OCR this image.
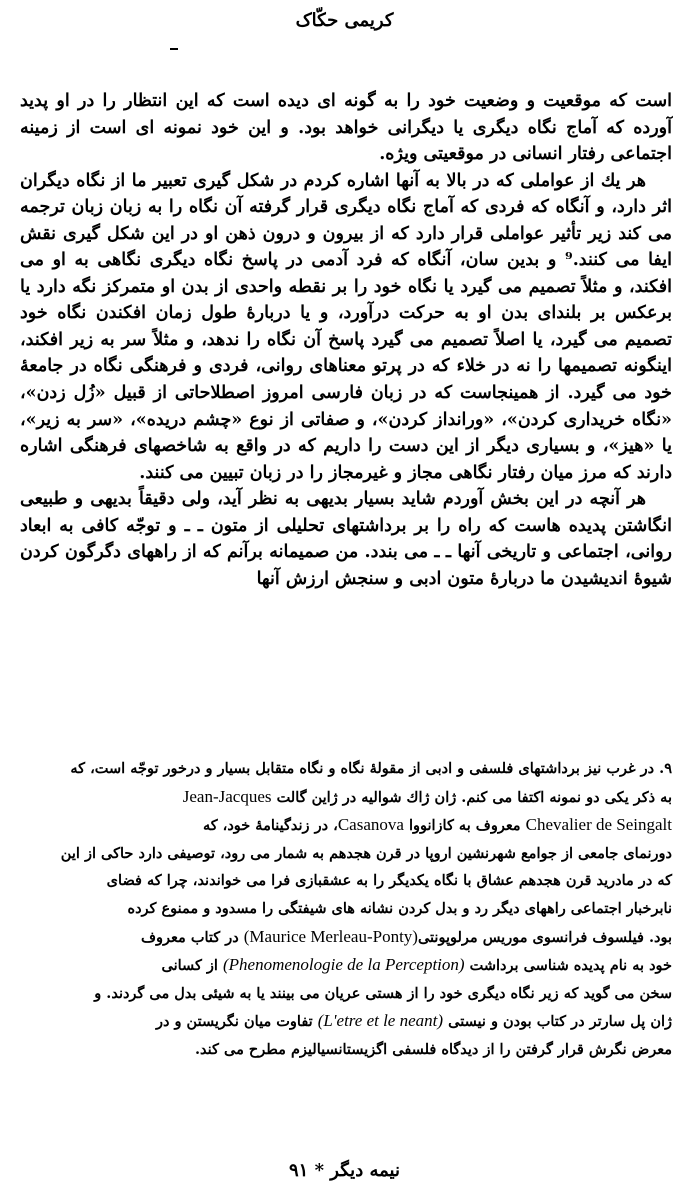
کریمی حکّاک

است که موقعیت و وضعیت خود را به گونه ای دیده است که این انتظار را در او پدید آورده که آماج نگاه دیگری یا دیگرانی خواهد بود. و این خود نمونه ای است از زمینه اجتماعی رفتار انسانی در موقعیتی ویژه.

هر یك از عواملی که در بالا به آنها اشاره کردم در شکل گیری تعبیر ما از نگاه دیگران اثر دارد، و آنگاه که فردی که آماج نگاه دیگری قرار گرفته آن نگاه را به زبان زبان ترجمه می کند زیر تأثیر عواملی قرار دارد که از بیرون و درون ذهن او در این شکل گیری نقش ایفا می کنند.⁹ و بدین سان، آنگاه که فرد آدمی در پاسخ نگاه دیگری نگاهی به او می افکند، و مثلاً تصمیم می گیرد یا نگاه خود را بر نقطه واحدی از بدن او متمرکز نگه دارد یا برعکس بر بلندای بدن او به حرکت درآورد، و یا دربارهٔ طول زمان افکندن نگاه خود تصمیم می گیرد، یا اصلاً تصمیم می گیرد پاسخ آن نگاه را ندهد، و مثلاً سر به زیر افکند، اینگونه تصمیمها را نه در خلاء که در پرتو معناهای روانی، فردی و فرهنگی نگاه در جامعهٔ خود می گیرد. از همینجاست که در زبان فارسی امروز اصطلاحاتی از قبیل «زُل زدن»، «نگاه خریداری کردن»، «ورانداز کردن»، و صفاتی از نوع «چشم دریده»، «سر به زیر»، یا «هیز»، و بسیاری دیگر از این دست را داریم که در واقع به شاخصهای فرهنگی اشاره دارند که مرز میان رفتار نگاهی مجاز و غیرمجاز را در زبان تبیین می کنند.

هر آنچه در این بخش آوردم شاید بسیار بدیهی به نظر آید، ولی دقیقاً بدیهی و طبیعی انگاشتن پدیده هاست که راه را بر برداشتهای تحلیلی از متون ـ ـ و توجّه کافی به ابعاد روانی، اجتماعی و تاریخی آنها ـ ـ می بندد. من صمیمانه برآنم که از راههای دگرگون کردن شیوهٔ اندیشیدن ما دربارهٔ متون ادبی و سنجش ارزش آنها

۹. در غرب نیز برداشتهای فلسفی و ادبی از مقولهٔ نگاه و نگاه متقابل بسیار و درخور توجّه است، که

به ذکر یکی دو نمونه اکتفا می کنم. ژان ژاك شوالیه در ژاین گالت Jean-Jacques

Chevalier de Seingalt معروف به کازانووا Casanova، در زندگینامهٔ خود، که

دورنمای جامعی از جوامع شهرنشین اروپا در قرن هجدهم به شمار می رود، توصیفی دارد حاکی از این

که در مادرید قرن هجدهم عشاق با نگاه یکدیگر را به عشقبازی فرا می خواندند، چرا که فضای

نابرخبار اجتماعی راههای دیگر رد و بدل کردن نشانه های شیفتگی را مسدود و ممنوع کرده

بود. فیلسوف فرانسوی موریس مرلوپونتی(Maurice Merleau-Ponty) در کتاب معروف

خود به نام پدیده شناسی برداشت (Phenomenologie de la Perception) از کسانی

سخن می گوید که زیر نگاه دیگری خود را از هستی عریان می بینند یا به شیئی بدل می گردند. و

ژان پل سارتر در کتاب بودن و نیستی (L'etre et le neant) تفاوت میان نگریستن و در

معرض نگرش قرار گرفتن را از دیدگاه فلسفی اگزیستانسیالیزم مطرح می کند.

نیمه دیگر * ۹۱
